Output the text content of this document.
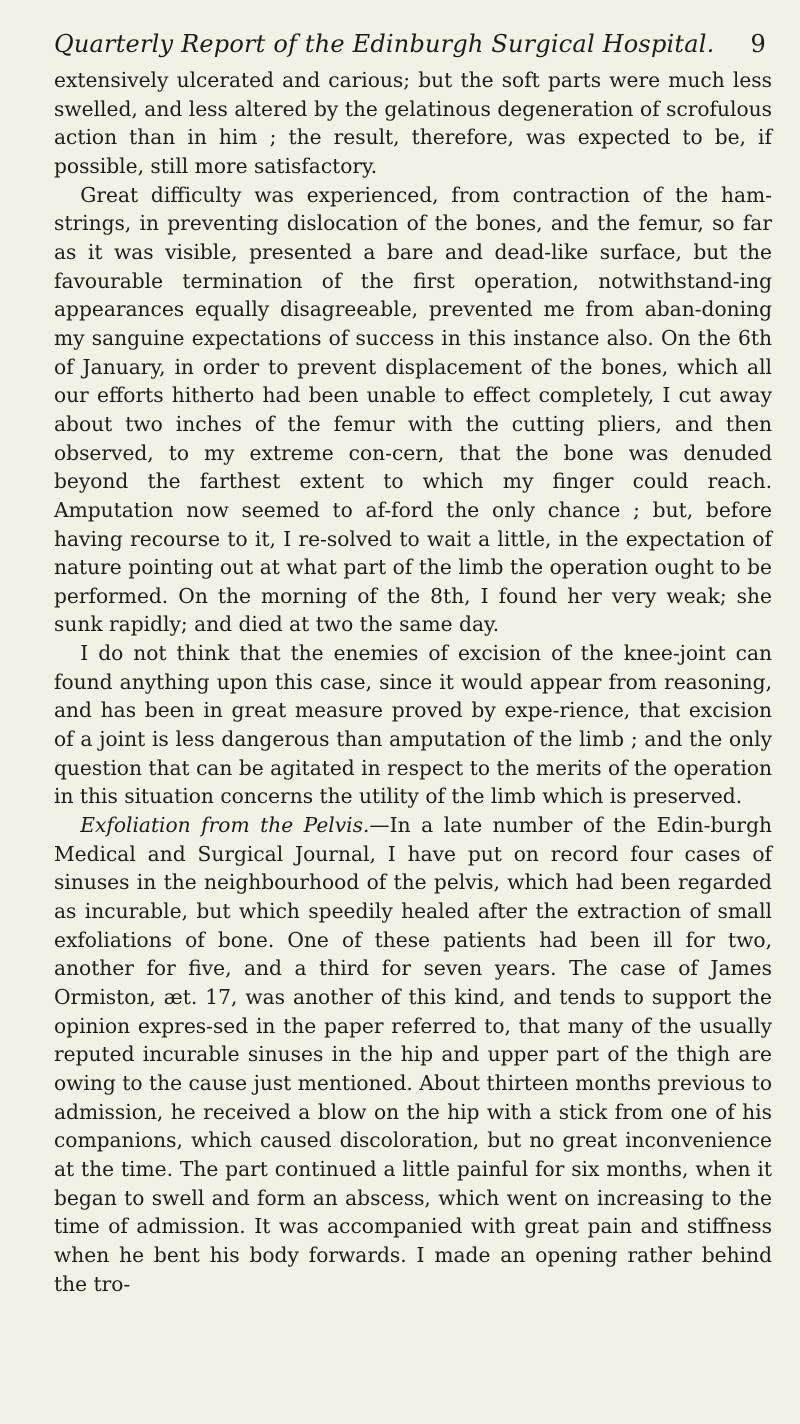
Quarterly Report of the Edinburgh Surgical Hospital. 9

extensively ulcerated and carious; but the soft parts were much less swelled, and less altered by the gelatinous degeneration of scrofulous action than in him ; the result, therefore, was expected to be, if possible, still more satisfactory.

Great difficulty was experienced, from contraction of the ham-strings, in preventing dislocation of the bones, and the femur, so far as it was visible, presented a bare and dead-like surface, but the favourable termination of the first operation, notwithstand-ing appearances equally disagreeable, prevented me from aban-doning my sanguine expectations of success in this instance also. On the 6th of January, in order to prevent displacement of the bones, which all our efforts hitherto had been unable to effect completely, I cut away about two inches of the femur with the cutting pliers, and then observed, to my extreme con-cern, that the bone was denuded beyond the farthest extent to which my finger could reach. Amputation now seemed to af-ford the only chance ; but, before having recourse to it, I re-solved to wait a little, in the expectation of nature pointing out at what part of the limb the operation ought to be performed. On the morning of the 8th, I found her very weak; she sunk rapidly; and died at two the same day.

I do not think that the enemies of excision of the knee-joint can found anything upon this case, since it would appear from reasoning, and has been in great measure proved by expe-rience, that excision of a joint is less dangerous than amputation of the limb ; and the only question that can be agitated in respect to the merits of the operation in this situation concerns the utility of the limb which is preserved.

Exfoliation from the Pelvis.—In a late number of the Edin-burgh Medical and Surgical Journal, I have put on record four cases of sinuses in the neighbourhood of the pelvis, which had been regarded as incurable, but which speedily healed after the extraction of small exfoliations of bone. One of these patients had been ill for two, another for five, and a third for seven years. The case of James Ormiston, æt. 17, was another of this kind, and tends to support the opinion expres-sed in the paper referred to, that many of the usually reputed incurable sinuses in the hip and upper part of the thigh are owing to the cause just mentioned. About thirteen months previous to admission, he received a blow on the hip with a stick from one of his companions, which caused discoloration, but no great inconvenience at the time. The part continued a little painful for six months, when it began to swell and form an abscess, which went on increasing to the time of admission. It was accompanied with great pain and stiffness when he bent his body forwards. I made an opening rather behind the tro-
